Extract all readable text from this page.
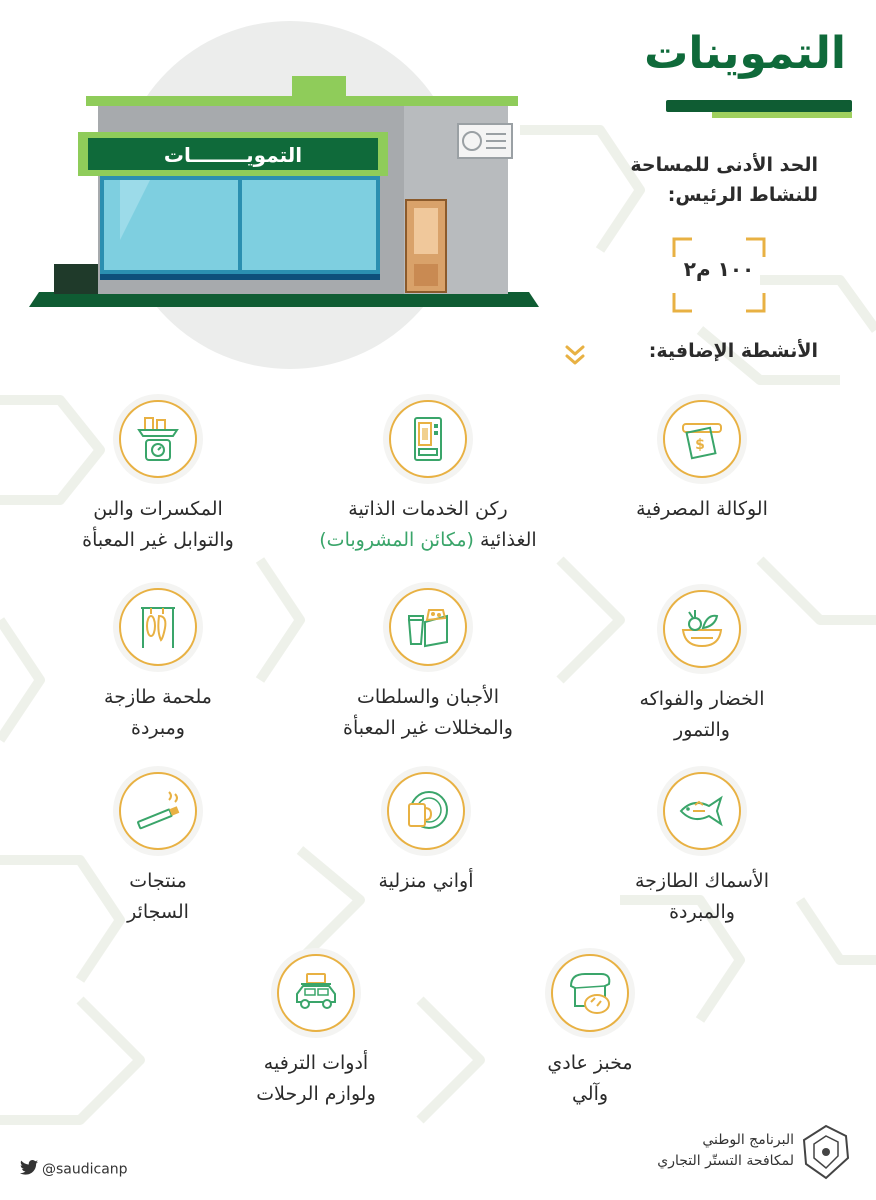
التمويــــــــات
التموينات
الحد الأدنى للمساحة
للنشاط الرئيس:
١٠٠ م٢
الأنشطة الإضافية:
$
الوكالة المصرفية
ركن الخدمات الذاتية
الغذائية (مكائن المشروبات)
المكسرات والبن
والتوابل غير المعبأة
الخضار والفواكه
والتمور
الأجبان والسلطات
والمخللات غير المعبأة
ملحمة طازجة
ومبردة
الأسماك الطازجة
والمبردة
أواني منزلية
منتجات
السجائر
مخبز عادي
وآلي
أدوات الترفيه
ولوازم الرحلات
@saudicanp
البرنامج الوطني
لمكافحة التستّر التجاري
